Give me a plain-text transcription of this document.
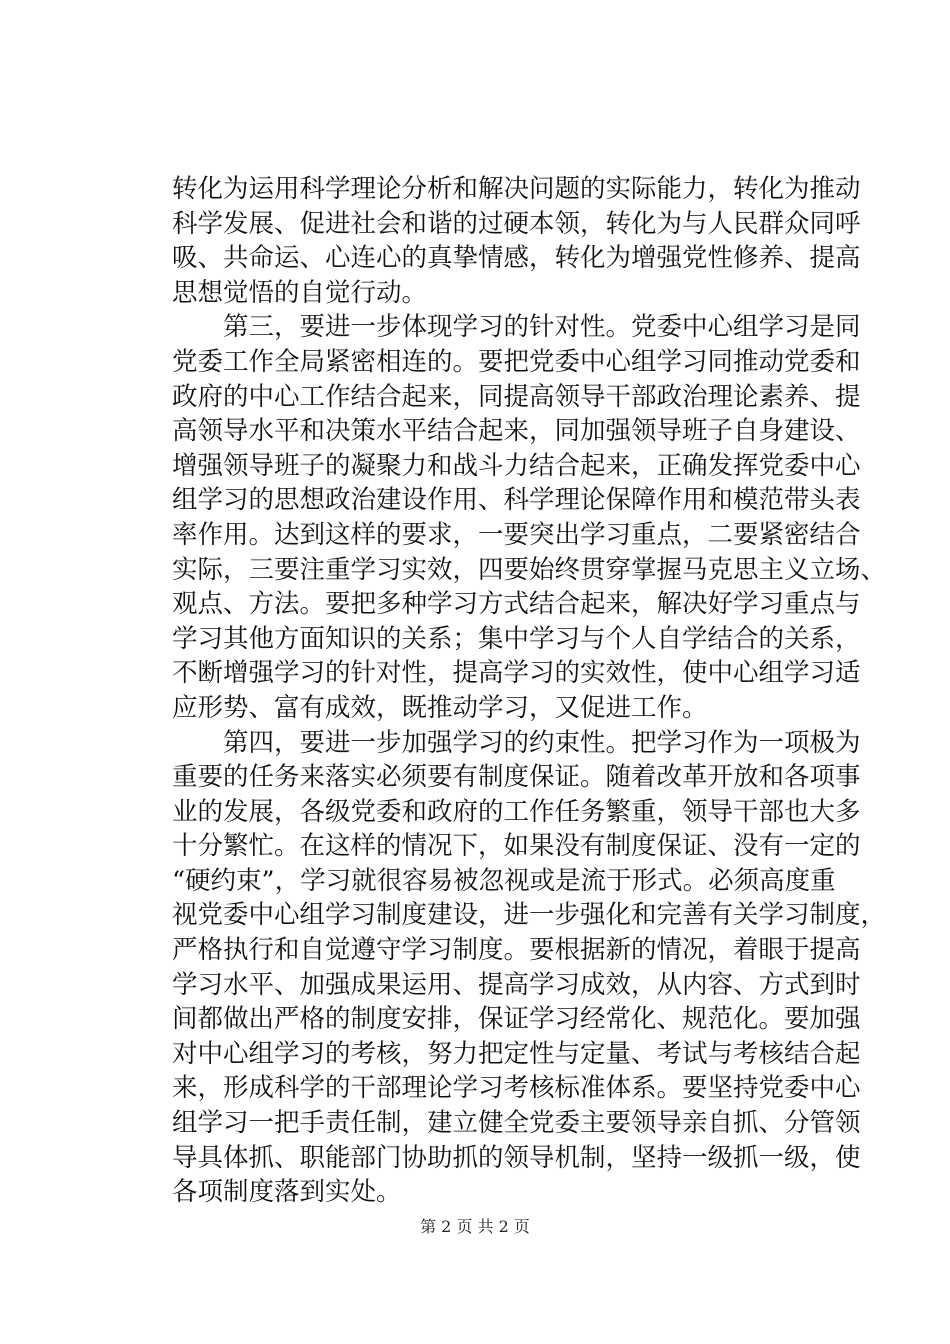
转化为运用科学理论分析和解决问题的实际能力，转化为推动
科学发展、促进社会和谐的过硬本领，转化为与人民群众同呼
吸、共命运、心连心的真挚情感，转化为增强党性修养、提高
思想觉悟的自觉行动。
第三，要进一步体现学习的针对性。党委中心组学习是同
党委工作全局紧密相连的。要把党委中心组学习同推动党委和
政府的中心工作结合起来，同提高领导干部政治理论素养、提
高领导水平和决策水平结合起来，同加强领导班子自身建设、
增强领导班子的凝聚力和战斗力结合起来，正确发挥党委中心
组学习的思想政治建设作用、科学理论保障作用和模范带头表
率作用。达到这样的要求，一要突出学习重点，二要紧密结合
实际，三要注重学习实效，四要始终贯穿掌握马克思主义立场、
观点、方法。要把多种学习方式结合起来，解决好学习重点与
学习其他方面知识的关系；集中学习与个人自学结合的关系，
不断增强学习的针对性，提高学习的实效性，使中心组学习适
应形势、富有成效，既推动学习，又促进工作。
第四，要进一步加强学习的约束性。把学习作为一项极为
重要的任务来落实必须要有制度保证。随着改革开放和各项事
业的发展，各级党委和政府的工作任务繁重，领导干部也大多
十分繁忙。在这样的情况下，如果没有制度保证、没有一定的
“硬约束”，学习就很容易被忽视或是流于形式。必须高度重
视党委中心组学习制度建设，进一步强化和完善有关学习制度，
严格执行和自觉遵守学习制度。要根据新的情况，着眼于提高
学习水平、加强成果运用、提高学习成效，从内容、方式到时
间都做出严格的制度安排，保证学习经常化、规范化。要加强
对中心组学习的考核，努力把定性与定量、考试与考核结合起
来，形成科学的干部理论学习考核标准体系。要坚持党委中心
组学习一把手责任制，建立健全党委主要领导亲自抓、分管领
导具体抓、职能部门协助抓的领导机制，坚持一级抓一级，使
各项制度落到实处。
第 2 页 共 2 页
